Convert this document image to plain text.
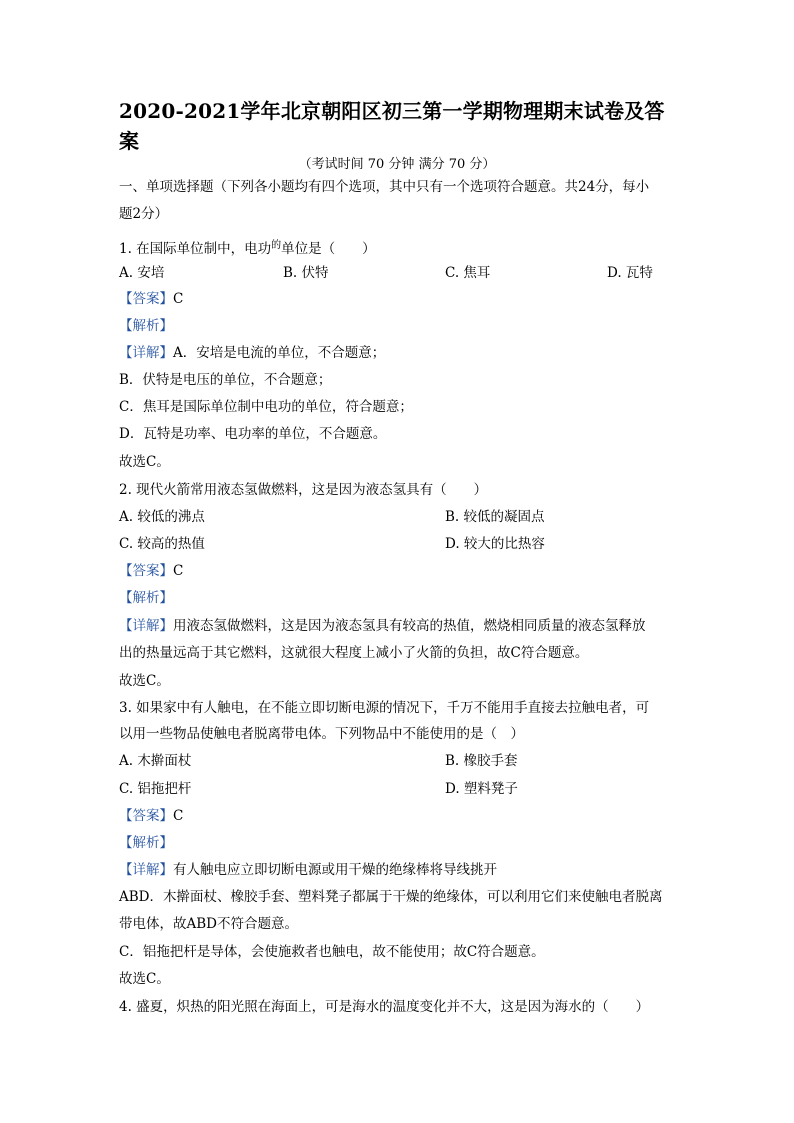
2020-2021学年北京朝阳区初三第一学期物理期末试卷及答案
（考试时间 70 分钟 满分 70 分）
一、单项选择题（下列各小题均有四个选项，其中只有一个选项符合题意。共24分，每小
题2分）
1. 在国际单位制中，电功$^的$单位是（　　）
A. 安培	B. 伏特	C. 焦耳	D. 瓦特
【答案】C
【解析】
【详解】A．安培是电流的单位，不合题意；
B．伏特是电压的单位，不合题意；
C．焦耳是国际单位制中电功的单位，符合题意；
D．瓦特是功率、电功率的单位，不合题意。
故选C。
2. 现代火箭常用液态氢做燃料，这是因为液态氢具有（　　）
A. 较低的沸点	B. 较低的凝固点
C. 较高的热值	D. 较大的比热容
【答案】C
【解析】
【详解】用液态氢做燃料，这是因为液态氢具有较高的热值，燃烧相同质量的液态氢释放
出的热量远高于其它燃料，这就很大程度上减小了火箭的负担，故C符合题意。
故选C。
3. 如果家中有人触电，在不能立即切断电源的情况下，千万不能用手直接去拉触电者，可
以用一些物品使触电者脱离带电体。下列物品中不能使用的是（　）
A. 木擀面杖	B. 橡胶手套
C. 铝拖把杆	D. 塑料凳子
【答案】C
【解析】
【详解】有人触电应立即切断电源或用干燥的绝缘棒将导线挑开
ABD．木擀面杖、橡胶手套、塑料凳子都属于干燥的绝缘体，可以利用它们来使触电者脱离
带电体，故ABD不符合题意。
C．铝拖把杆是导体，会使施救者也触电，故不能使用；故C符合题意。
故选C。
4. 盛夏，炽热的阳光照在海面上，可是海水的温度变化并不大，这是因为海水的（　　）
